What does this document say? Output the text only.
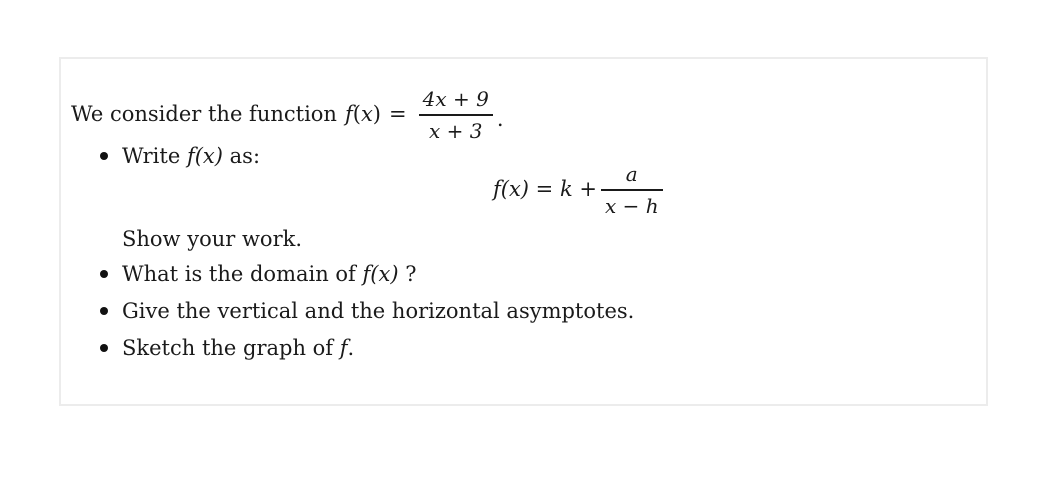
We consider the function $f(x) = \frac{4x + 9}{x + 3}$ .
Write f(x) as:
$f(x) = k + \frac{a}{x - h}$
Show your work.
What is the domain of f(x) ?
Give the vertical and the horizontal asymptotes.
Sketch the graph of f.
